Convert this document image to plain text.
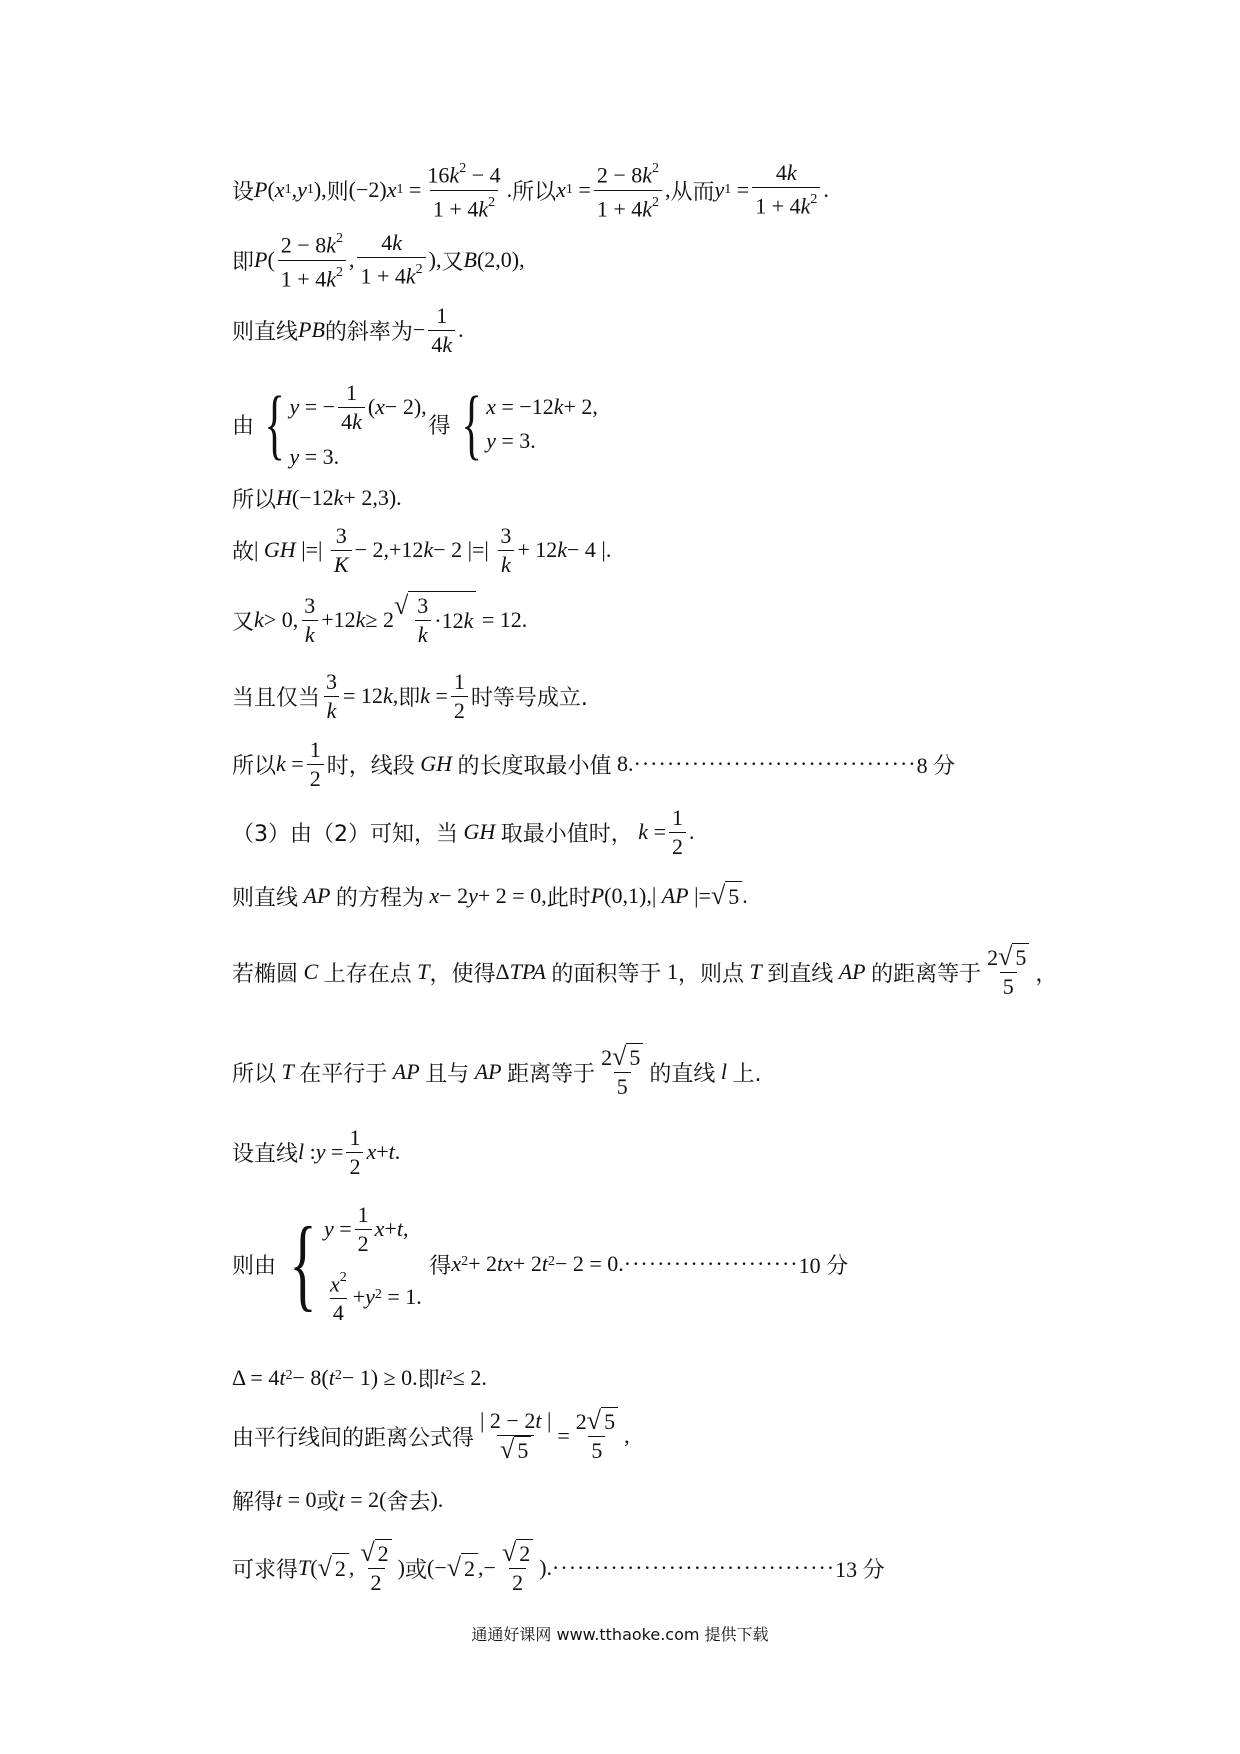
设 P ( x 1 , y 1 ), 则 (−2) x $1 = \frac{16k^2 - 4}{1 + 4k^2}$ . 所以 x $1 = \frac{2 - 8k^2}{1 + 4k^2}$ , 从而 y $1 = \frac{4k}{1 + 4k^2}$ .
即 P ( $\frac{2 - 8k^2}{1 + 4k^2}$ , $\frac{4k}{1 + 4k^2}$ ), 又 B (2,0),
则直线 PB 的斜率为 − $\frac{1}{4k}$ .
由 { y = − $\frac{1}{4k}$ ( x − 2),
y = 3.
得 { x = −12 k + 2,
y = 3.
所以 H (−12 k + 2,3).
故 | GH |=| $\frac{3}{K} - 2,+12$ k − 2 |=| $\frac{3}{k} + 12$ k − 4 |.
又 k > 0, $\frac{3}{k} +12$ k ≥ 2 √ $\frac{3}{k} \cdot 12$ k = 12.
当且仅当 $\frac{3}{k} = 12$ k , 即 $k = \frac{1}{2}$ 时等号成立.
所以 $k = \frac{1}{2}$ 时，线段
GH
的长度取最小值 8. ·································· 8 分
（3）由（2）可知，当
GH
取最小值时，
$k = \frac{1}{2}$ .
则直线
AP
的方程为
x − 2 y + 2 = 0, 此时 P (0,1),| AP |= √ 5 .
若椭圆
C
上存在点
T ，使得 Δ TPA
的面积等于 1 ，则点
T
到直线
AP
的距离等于 $\frac{2 √ 5}{5}$ ，
所以
T
在平行于
AP
且与
AP
距离等于 $\frac{2 √ 5}{5}$ 的直线
l
上.
设直线 l : $y = \frac{1}{2}$ x + t .
则由 { $y = \frac{1}{2}$ x + t ,
$\frac{x^2}{4} + y^2 = 1$.

得 $x^2 + 2$ tx + 2 $t^2 - 2 = 0$. ····················· 10 分
Δ = 4 $t^2 - 8$( $t^2 - 1) \ge 0$. 即 $t^2 \le 2$.
由平行线间的距离公式得 $\frac{| 2 - 2t |}{√ 5} = \frac{2 √ 5}{5}$ ,
解得 t = 0 或 t = 2( 舍去 ).
可求得 T ( √ 2 , $\frac{√ 2}{2}$ ) 或 (− √ 2 ,− $\frac{√ 2}{2}$ ). ·································· 13 分
通通好课网 www.tthaoke.com 提供下载
